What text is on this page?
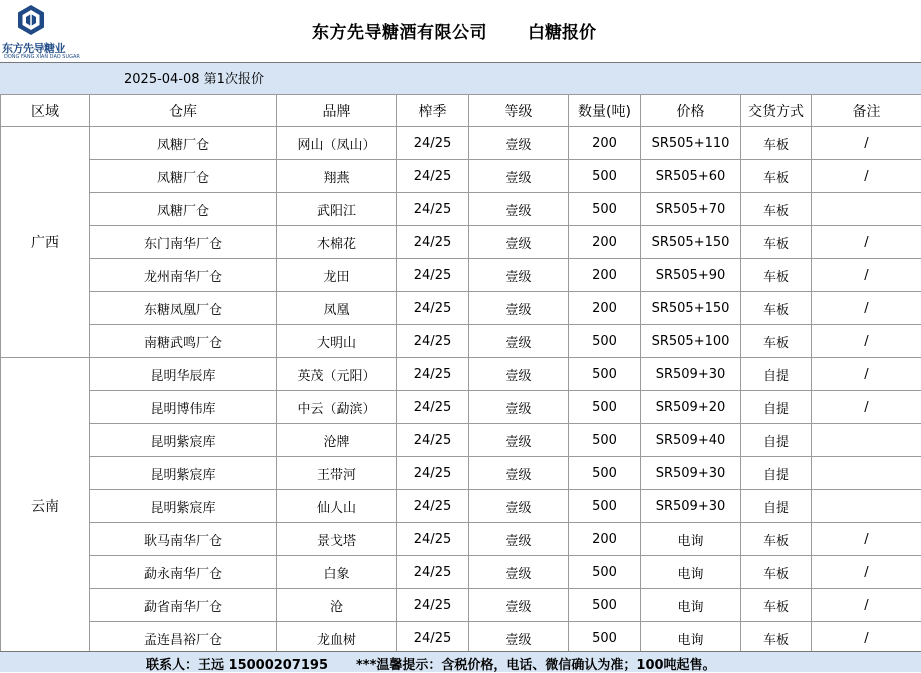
东方先导糖业
DONG FANG XIAN DAO SUGAR
东方先导糖酒有限公司 白糖报价
2025-04-08 第1次报价
区域	仓库	品牌	榨季	等级	数量(吨)	价格	交货方式	备注
广西	凤糖厂仓	网山（凤山）	24/25	壹级	200	SR505+110	车板	/
	凤糖厂仓	翔燕	24/25	壹级	500	SR505+60	车板	/
	凤糖厂仓	武阳江	24/25	壹级	500	SR505+70	车板	
	东门南华厂仓	木棉花	24/25	壹级	200	SR505+150	车板	/
	龙州南华厂仓	龙田	24/25	壹级	200	SR505+90	车板	/
	东糖凤凰厂仓	凤凰	24/25	壹级	200	SR505+150	车板	/
	南糖武鸣厂仓	大明山	24/25	壹级	500	SR505+100	车板	/
云南	昆明华辰库	英茂（元阳）	24/25	壹级	500	SR509+30	自提	/
	昆明博伟库	中云（勐滨）	24/25	壹级	500	SR509+20	自提	/
	昆明紫宸库	沧牌	24/25	壹级	500	SR509+40	自提	
	昆明紫宸库	王带河	24/25	壹级	500	SR509+30	自提	
	昆明紫宸库	仙人山	24/25	壹级	500	SR509+30	自提	
	耿马南华厂仓	景戈塔	24/25	壹级	200	电询	车板	/
	勐永南华厂仓	白象	24/25	壹级	500	电询	车板	/
	勐省南华厂仓	沧	24/25	壹级	500	电询	车板	/
	孟连昌裕厂仓	龙血树	24/25	壹级	500	电询	车板	/
联系人：王远 15000207195 ***温馨提示：含税价格，电话、微信确认为准；100吨起售。
